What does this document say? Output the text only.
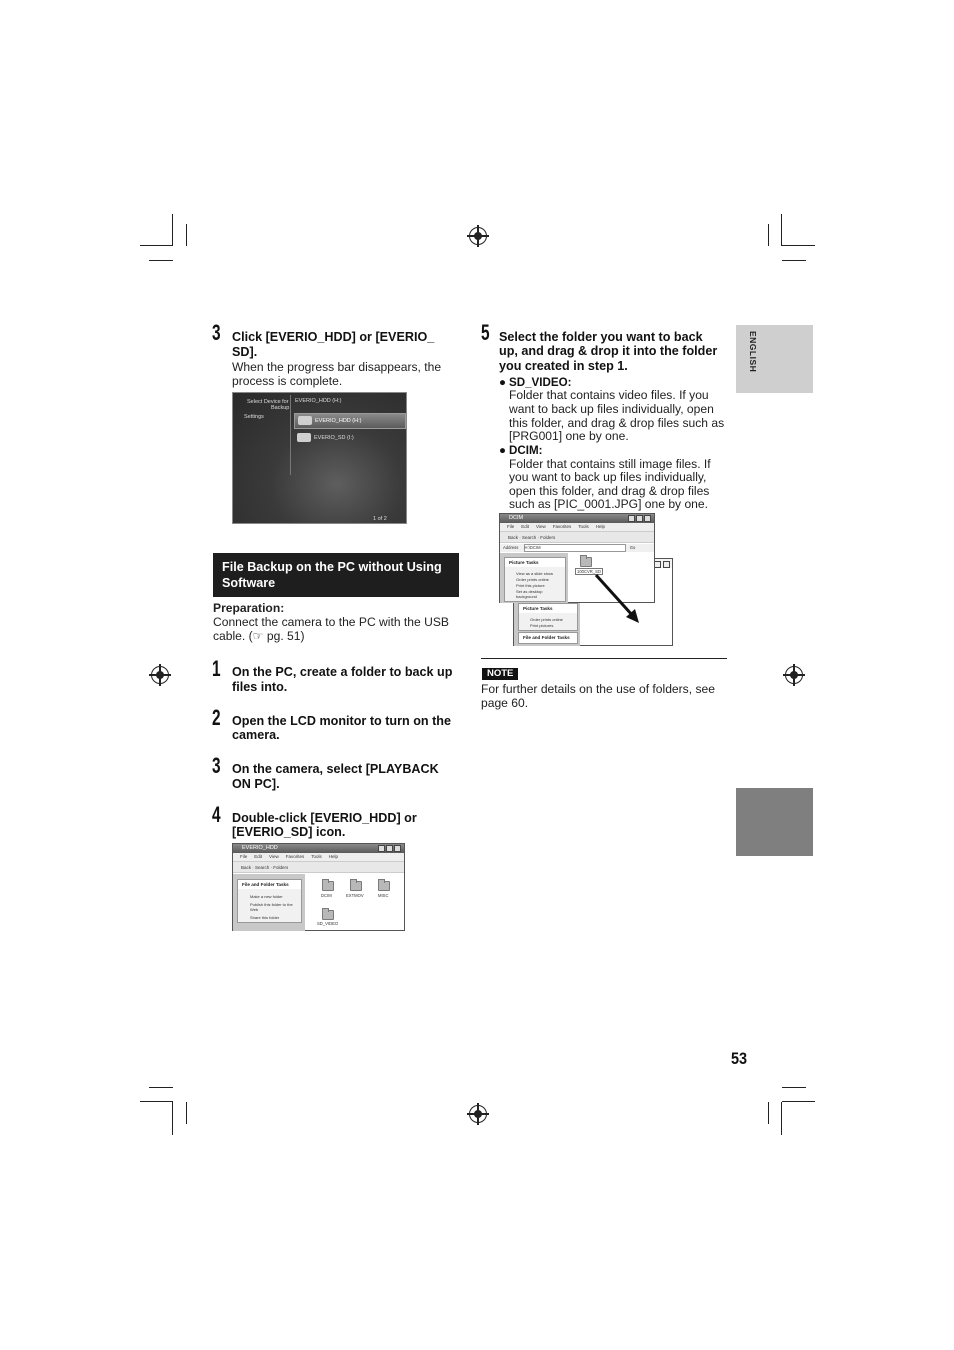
ENGLISH
3 Click [EVERIO_HDD] or [EVERIO_ SD].
When the progress bar disappears, the
process is complete.
Select Device for
Backup
Settings
EVERIO_HDD (H:)
EVERIO_HDD (H:)
EVERIO_SD (I:)
1 of 2
File Backup on the PC without Using
Software
Preparation:
Connect the camera to the PC with the USB
cable. (☞ pg. 51)
1 On the PC, create a folder to back up
files into.
2 Open the LCD monitor to turn on the
camera.
3 On the camera, select [PLAYBACK
ON PC].
4 Double-click [EVERIO_HDD] or
[EVERIO_SD] icon.
EVERIO_HDD
File Edit View Favorites Tools Help
Back · Search · Folders
File and Folder Tasks
Make a new folder
Publish this folder to the Web
Share this folder
DCIM	EXTMOV	MISC
SD_VIDEO
5 Select the folder you want to back
up, and drag & drop it into the folder
you created in step 1.
● SD_VIDEO:
Folder that contains video files. If you
want to back up files individually, open
this folder, and drag & drop files such as
[PRG001] one by one.
● DCIM:
Folder that contains still image files. If
you want to back up files individually,
open this folder, and drag & drop files
such as [PIC_0001.JPG] one by one.
Picture Tasks
Order prints online
Print pictures
File and Folder Tasks
DCIM
File Edit View Favorites Tools Help
Back · Search · Folders
Address H:\DCIM	Go
Picture Tasks
View as a slide show
Order prints online
Print this picture
Set as desktop background
100CVR_SD
NOTE
For further details on the use of folders, see
page 60.
53
